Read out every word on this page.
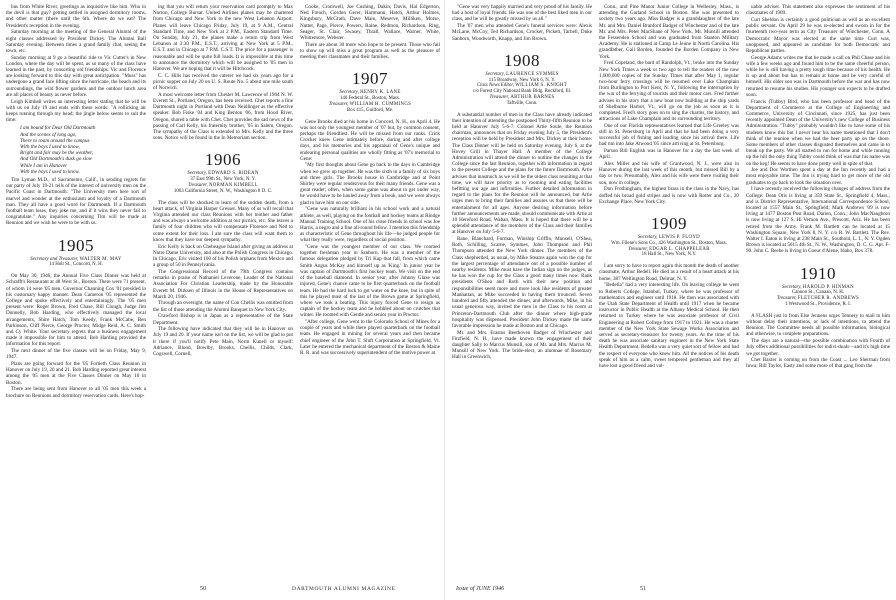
bus from White River, greetings as inquisitive like him. Who in the devil is that guy? getting settled in assigned dormitory rooms, and other matter (there until the 6th. Where do we eat? The President's reception in the evening.

Saturday morning at the meeting of the General Alumni of the eight classes addressed by President Dickey. The Alumni Ball Saturday evening. Between times a grand family chat, seeing the town, etc.

Sunday morning at 9 go a beautiful ride to Vic Cutter's in New London, where the day will be spent, as so many of the class have learned in the past, by consorting old friendships. Vic and Florence are looking forward to this day with great anticipation. "Muss" has undergone a grand face lifting since the hurricane, the beach and its surroundings, the wild flower gardens and the outdoor lunch area are all places of beauty as never before.

Leigh Kimball writes an interesting letter stating that he will be with us on July 19 and ends with these words: "A rollicking air keeps running through my head; the jingle below seems to suit the time:

I am bound for Dear Old Dartmouth
And the scenes of long ago,
There to roam around the campus
With the boys I used to know,
Bright and fair may be the weather,
And Old Dartmouth's dusk go slow
While I am in Hanover
With the boys I used to know.

Tim Lyman M.D., of Sacramento, Calif., in sending regrets for our party of July 19-21 tells of the interest of university men on the Pacific Coast in Dartmouth: "The University men here sort of marvel and wonder at the enthusiasm and loyalty of a Dartmouth man. They all have a good word for Dartmouth. If a Dartmouth football team loses, they joke me, and if it wins they never fail to congratulate." Any inquiries concerning Tim will be made at Reunion and we wish he were to be with us.

1905
Secretary and Treasurer, WALTER M. MAY
14 Holt St., Concord, N. H.

On May 30, 1946, the Annual Five Class Dinner was held at Schrafft's Restaurant at 48 West St., Boston. There were 71 present, of whom 14 were '05 men. Governor Channing Cox '01 presided in his customary happy manner. Dean Cameron '05 represented the College and spoke effectively and entertainingly. The '05 men present were: Roger Brown, Fred Chase, Bill Clough, Judge Jim Donnelly, Bob Harding, who effectively managed the local arrangements, Shire Hatch, Tom Keedy, Frank McCabe, Ben Parkinson, Cliff Pierce, George Proctor, Midge Reid, A. C. Smith and Cy White. Your secretary regrets that a business engagement made it impossible for him to attend. Bob Harding provided the information for this report.

The next dinner of the five classes will be on Friday, May 9, 1947.

Plans are going forward for the '05 Fortieth Class Reunion in Hanover on July 19, 20 and 21. Bob Harding reported great interest among the '05 men at the Five Classes Dinner on May 10 in Boston.

There are being sent from Hanover to all '05 men this week a brochure on Reunions and dormitory reservation cards. Here's hop-

ing that you will return your reservation card promptly to Max Norton, College Bursar. United Airlines planes may be chartered from Chicago and New York to the new West Lebanon Airport. Planes will leave Chicago Friday, July 19, at 9 A.M., Central Standard Time, and New York at 2 P.M., Eastern Standard Time. On Sunday, July 21, the planes make a return trip from West Lebanon at 3:30 P.M., E.S.T., arriving at New York at 5 P.M., E.S.T. and in Chicago at 7 P.M. C.S.T. The price for a passenger is reasonable and will be quite full loads. It is impossible at this time to announce the dormitory which will be assigned to '05 men in Hanover. We are hoping that it will be Hitchcock.

C. C. Hills has received the caterer we had six years ago for a picnic supper on July 20 on U. S. Route No. 5 about one mile south of Norwich.

A most welcome letter from Chester M. Lawrence of 1904 N. W. Everett St., Portland, Oregon, has been received. Chet reports a fine Dartmouth night in Portland with Dean Neidlinger as the effective speaker. Bob Fiske '04 and King Benton '06, from Hood River, Oregon, shared a table with Chet. Chet provides the sad news of the passing of Carl Kelly, his fraternity brother, '05 in Salem, Oregon. The sympathy of the Class is extended to Mrs. Kelly and the three sons. Notice will be found in the In Memoriam section.

1906
Secretary, EDWARD S. RIDEAN
37 East 99th St., New York, N. Y.
Treasurer, NORMAN KIMBELL
1003 California Street, N. W., Washington 8 D. C.

The class will be shocked to learn of the sudden death, from a heart attack, of Virginia Harper Gresser. Many of us will recall that Virginia attended our class Reunions with her mother and father and was always a welcome addition at our picnics, etc. She leaves a family of four children who will compensate Florence and Ned to some extent for their loss. I am sure the class will want them to know that they have our deepest sympathy.

Eric Kelly is back on Chebeague Island after giving an address at Notre Dame University, and also at the Polish Congress in Chicago. In Chicago, Eric visited 100 of his Polish orphans from Mexico and a group of 50 in Pennsylvania.

The Congressional Record of the 79th Congress contains remarks in praise of Nathaniel Leverone, Leader of the National Association For Christian Leadership, made by the Honorable Everett M. Dirksen of Illinois in the House of Representatives on March 20, 1946.

Through an oversight, the name of Con Chellis was omitted from the list of those attending the Alumni Banquet in New York City.

Crawford Bishop is in Japan as a representative of the State Department.

The following have indicated that they will be in Hanover on July 19 and 20. If your name isn't on the list, we will be glad to put it there if you'll notify Pete Main, Norm Kunell or myself: Adriance, Blood, Bowlby, Brooks, Chellis, Childs, Clark, Cogswell, Cornell,

Cooke, Cromwell, Joe Cushing, Dakin, Davis, Hal Edgerton, Ned French, Gordon Gerer, Hartmann, Hatch, Arthur Holmes, Kingsbury, McGrath, Dave Main, Meserve, Milliken, Morse, Nutter, Page, Pierce, Powers, Raine, Redmon, Richardson, Ring, Seager, St. Clair, Swasey, Thrall, Wallace, Warner, White, Whittemore, Webster.

There are about 30 more who hope to be present. Those who fail to show up will miss a great program as well as the pleasure of meeting their classmates and their families.

1907
Secretary, HENRY K. LANE
140 Federal St., Boston, Mass.
Treasurer, WILLIAM H. CUMMINGS
Box 415, Guilford, Me.

Gene Brooks died at his home in Concord, N. H., on April 4. He was not only the youngest member of '07 but, by common consent, perhaps the friendliest. He will be missed from our ranks. Crick Crocker knew Gene intimately before, during and after college days, and his memories and his appraisal of Gene's unique and endearing personal qualities are wholly fitting as '07's memorial to Gene:

"My first thoughts about Gene go back to the days in Cambridge when we grew up together. He was the sixth in a family of six boys and three girls. The Brooks house in Cambridge and at Point Shirley were regular rendezvous for their many friends. Gene was a great reader; often, when some game was about to get under way, he would have to be hauled away from a book, and we were always glad to have him on our side.

"Gene was naturally brilliant in his school work and a natural athlete, as well, playing on the football and hockey teams at Rindge Manual Training School. One of his close friends in school was Joe Harris, a negro and a fine all-round fellow. I mention this friendship as characteristic of Gene throughout his life—he judged people for what they really were, regardless of social position.

"Gene was the youngest member of our class. We roomed together freshman year in Sanborn. He was a member of the famous delegation pledged by Tri Kap that fall, from which came Smith Angus McKay and himself up as 'King.' In junior year he was captain of Dartmouth's first hockey team. We visit on the end of the baseball diamond. In senior year, after Johnny Glaze was injured, Gene's chance came to be first quarterback on the football team. He had the hard luck to get water on the knee, but in spite of this he played most of the last of the Brown game at Springfield, where we took a beating. This injury forced Gene to resign as captain of the hockey team and he hobbled about on crutches that winter. He roomed with Gentle and senior year in Proctor.

"After college, Gene went to the Colorado School of Mines for a couple of years and while there played quarterback on the football team. He engaged in mining for several years and then became chief engineer of the John T. Sluft Corporation at Springfield, Vt. Later he entered the mechanical department of the Boston & Maine R. R. and was successively superintendent of the motive power at

"Gene was very happily married and very proud of his family. He had a host of loyal friends. He was one of the best liked men in our class, and he will be greatly missed by us all."

The '07 men who attended Gene's funeral services were: Alexis McLane, McCoy, Ted Richardson, Crocker, Pickett, Tarbell, Duke Sanborn, Woodworth, Knapp, and Jim Brown.

1908
Secretary, LAURENCE SYMMES
115 Broadway, New York 6, N. Y.
Class News Editor, WILLIAM S. KNIGHT
c/o Forest City National Bank Bldg. Rockford, Ill.
Treasurer, ARTHUR BARNES
Taftville, Conn.

A substantial number of men in the Class have already indicated their intention of attending the postponed Thirty-fifth Reunion to be held at Hanover July 5-6-7. Colonel Artie Soule, the Reunion chairman, announces that on Friday evening July 5, the President's reception will be held by President and Mrs. Dickey at their home. The Class Dinner will be held on Saturday evening, July 6, at the Hovey Grill in Thayer Hall. A member of the College Administration will attend the dinner to outline the changes in the College since the last Reunion, together with information in regard to the present College and the plans for the future Dartmouth. Artie advises that inasmuch as we will be the oldest class reuniting at that time, we will have priority as to rooming and eating facilities befitting our age and infirmities. Further detailed information in regard to the plans for the Reunion will be announced, but Artie urges men to bring their families and assures us that there will be entertainment for all ages. Anyone desiring information before further announcements are made, should communicate with Artie at 10 Hereford Road, Waban, Mass. It is hoped that there will be a splendid attendance of the members of the Class and their families at Hanover on July 5-6-7.

Bane, Blanchard, Furman, Winship Griffin, Munsell, O'Shea, Roth, Schilling, Scarne, Symmes, John Thompson and Phil Thompson attended the New York dinner. The members of the Class shepherded, as usual, by Mike Stearns again won the cup for the largest percentage of attendance out of a possible number of nearby residents. Mike must have the Indian sign on the judges, as he has won the cup for the Class a good many times now. Bank presidents O'Shea and Roth with their new position and responsibilities seem more and more look like residents of greater Manhattan, as Mike succeeded in having them trounced. Seven hundred and fifty attended the dinner, and afterwards, Mike, in his usual generous way, invited the men in the Class to his room at Princeton-Dartmouth Club after the dinner where high-grade hospitality was dispensed. President John Dickey made the same favorable impression he made at Boston and at Chicago.

Mr. and Mrs. Erastus Beethoven Badger of Winchester and Fitzfield, N. H., have made known the engagement of their daughter Sally to Marcus Munsill, son of Mr. and Mrs. Marcus M. Munsill of New York. The bride-elect, an alumnae of Rosemary Hall in Greenwich,

Conn., and Pine Manor Junior College in Wellesley, Mass., is attending the Garland School in Boston. She was presented to society two years ago. Miss Badger is a granddaughter of the late Mr. and Mrs. Daniel Branford Badger of Winchester and of the late Mr. and Mrs. Peter MacShane of New York. Mr. Munsill attended the Fessenden School and was graduated from Stanton Military Academy. He is stationed at Camp Le Jeune in North Carolina. His grandfather, Gail Borden, founded the Borden Company in New York.

Fred Copeland, the bard of Randolph, Vt., broke into the Sunday New York Times a week or two ago to tell the readers of the now 1,000,000 copies of the Sunday Times that after May 1, regular two-hour ferry crossings will be resumed over Lake Champlain from Burlington to Port Kent, N. Y., following the interruption by the war of the ferrying of tourists and their motor cars. Fred further advises in his story that a new boat now building at the ship yards of Shelburne Harbor, Vt., will go on the job as soon as it is completed. Fred's story goes on to sing the charms, the history, and attractions of Lake Champlain and its surrounding territory.

One of our Florida representatives learned that Life Greeley was still in St. Petersburg in April and that he had been doing a very successful job of fishing and loading since his arrival there. Life had run into Jake Atwood '05 since arriving at St. Petersburg.

Parson Bill English was in Hanover for a day the last week of April.

Alex Miller and his wife of Grantwood, N. J., were also in Hanover during the last week of this month, but missed Bill by a day or two. Presumably, Alex and his wife were there visiting their son, now in college.

Don Frothingham, the highest brass in the class in the Navy, has doffed his broad gold stripes and is now with Rotter and Co., 20 Exchange Place, New York City.

1909
Secretary, LEWIS P. FLOYD
Wm. Filene's Sons Co., 426 Washington St., Boston, Mass.
Treasurer, EDGAR L. CHAPPELEAR
18 Hall St., New York, N.Y.

I am sorry to have to report again this month the death of another classmate, Arthur Bedell. He died as a result of a heart attack at his home, 387 Wellington Road, Delmar, N. Y.

"Bedella" had a very interesting life. On leaving college he went to Roberts College, Istanbul, Turkey, where he was professor of mathematics and engineer until 1918. He then was associated with the Utah State Department of Health until 1917 when he became instructor in Public Health at the Albany Medical School. He then returned to Turkey where he was associate professor of Civil Engineering at Robert College from 1917 to 1921. He was a charter member of the New York State Sewage Works Association and served as secretary-treasurer for twenty years. At the time of his death he was associate sanitary engineer in the New York State Health Department. Bedella was a very quiet sort of fellow and had the respect of everyone who knew him. All the notices of his death speak of him as a calm, sweet tempered gentleman and they all have lost a good friend and val-

uable adviser. This statement also expresses the sentiment of his classmates of 1909.

Curt Sheldon is certainly a good politician as well as an excellent public servant. On April 29 he was re-elected and sworn in for the fourteenth two-year term as City Treasurer of Winchester, Conn. A Democratic Mayor was elected at the same time Curt was, unopposed, and appeared as candidate for both Democratic and Republican parties.

George Adams writes me that he made a call on Phil Chase and his wife a few weeks ago and found him to be the same cheerful person, while he is still having a pretty tough time because of his health. He is up and about but has to remain at home and be very careful of himself. His older son was in Dartmouth before the war and has now returned to resume his studies. His younger son expects to be drafted soon.

Francis (Tubby) Bird, who has been professor and head of the Department of Commerce at the College of Engineering and Commerce, University of Cincinnati, since 1925, has just been recently appointed Dean of the University's new College of Business Administration. "Tubby" probably wouldn't like to have some of his students know this but I never hear his name mentioned that I don't think of the reunion when we had the beer party up on the shore. Some members of other classes disgusted themselves and came in to break up the party. We all started to run for home and while running up the hill the only thing Tubby could think of was that his name was on the keg! He seems to have done pretty well in spite of that.

Joe and Doc Worthen spent a day at the Inn recently and had a most enjoyable time. The Inn is trying hard to get more of the old graduates to go back to look the situation over.

I have recently received the following changes of address from the College: Dean Otis is living at 359 State St., Springfield 4, Mass., and is District Representative, International Correspondence School, located at 1557 Main St., Springfield; Mark Andrews '09 is now living at 1477 Boston Post Road, Darien, Conn.; John MacNaughton is now living at 127 S. Hi Vernon Ave., Prescott, Ariz. He has been retired from the Army. Frank M. Bartlett can be located at 15 Washington Square, New York 8, N. Y. c/o R. W. Bartlett. The Rev. Walter I. Eaton is living at 238 Main St., Southold, L. I., N. Y. Ogden Brown is located at 5615 4th St., N. W., Washington, D. C. G. Apr. F-90. John C. Beebe is living in Coeur d'Alene, Idaho, Box 378.

1910
Secretary, HAROLD P. HINMAN
Cannon St., Canaan, N. H.
Treasurer, FLETCHER R. ANDREWS
1 Westwood St., Providence, R. I.

A FLASH just in from Else Jennens urges Tennery to mail to him without delay their intentions, or lack of intentions, to attend the Reunion. The Committee needs all possible information, biological and otherwise, to complete preparations.

The days are a natural—the possible combination with Fourth of July offers additional possibilities for indivi-duals—and it's high time we got together.

Chet Baxter is coming on from the Coast ... Leo Sherman from Iowa; Bill Taylor, Easty and some more of that gang from the

50	DARTMOUTH ALUMNI MAGAZINE	Issue of JUNE 1946	51
